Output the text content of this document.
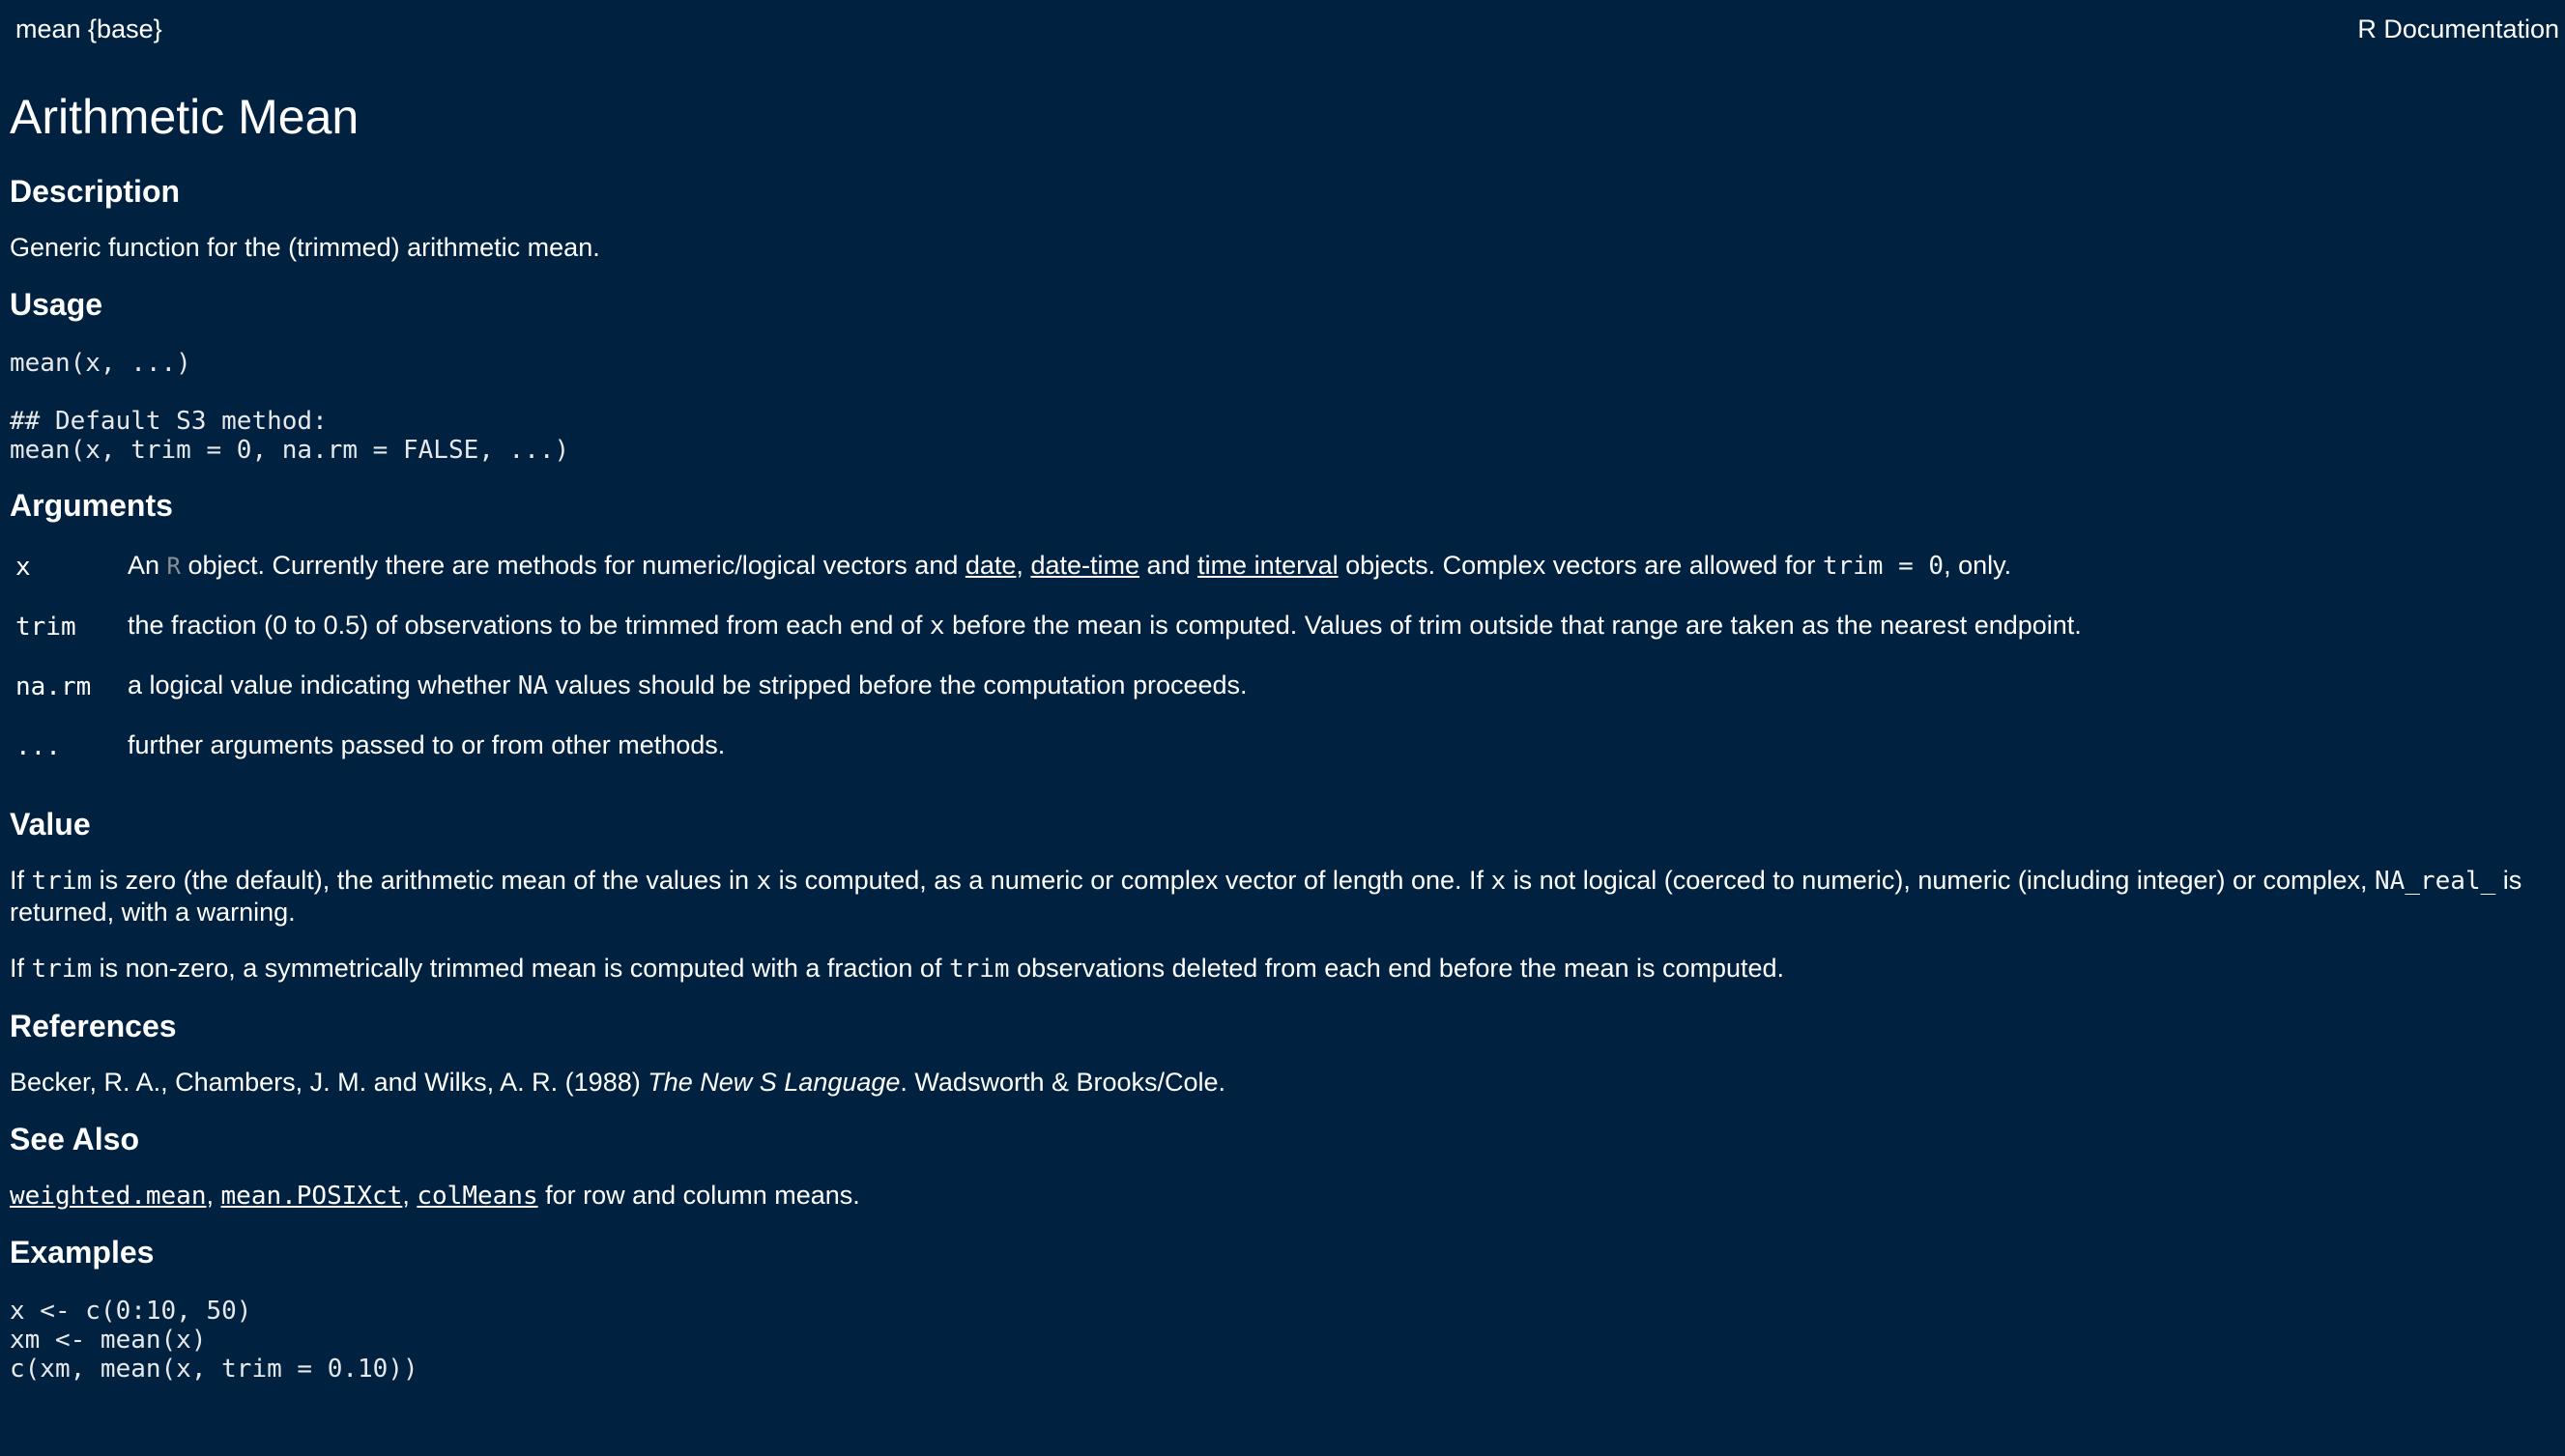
mean {base}	R Documentation
Arithmetic Mean
Description

Generic function for the (trimmed) arithmetic mean.

Usage
mean(x, ...)
## Default S3 method:
mean(x, trim = 0, na.rm = FALSE, ...)
Arguments
x	An R object. Currently there are methods for numeric/logical vectors and date, date-time and time interval objects. Complex vectors are allowed for trim = 0, only.
trim	the fraction (0 to 0.5) of observations to be trimmed from each end of x before the mean is computed. Values of trim outside that range are taken as the nearest endpoint.
na.rm	a logical value indicating whether NA values should be stripped before the computation proceeds.
...	further arguments passed to or from other methods.
Value

If trim is zero (the default), the arithmetic mean of the values in x is computed, as a numeric or complex vector of length one. If x is not logical (coerced to numeric), numeric (including integer) or complex, NA_real_ is returned, with a warning.

If trim is non-zero, a symmetrically trimmed mean is computed with a fraction of trim observations deleted from each end before the mean is computed.

References

Becker, R. A., Chambers, J. M. and Wilks, A. R. (1988) The New S Language. Wadsworth & Brooks/Cole.

See Also

weighted.mean, mean.POSIXct, colMeans for row and column means.

Examples
x <- c(0:10, 50)
xm <- mean(x)
c(xm, mean(x, trim = 0.10))
